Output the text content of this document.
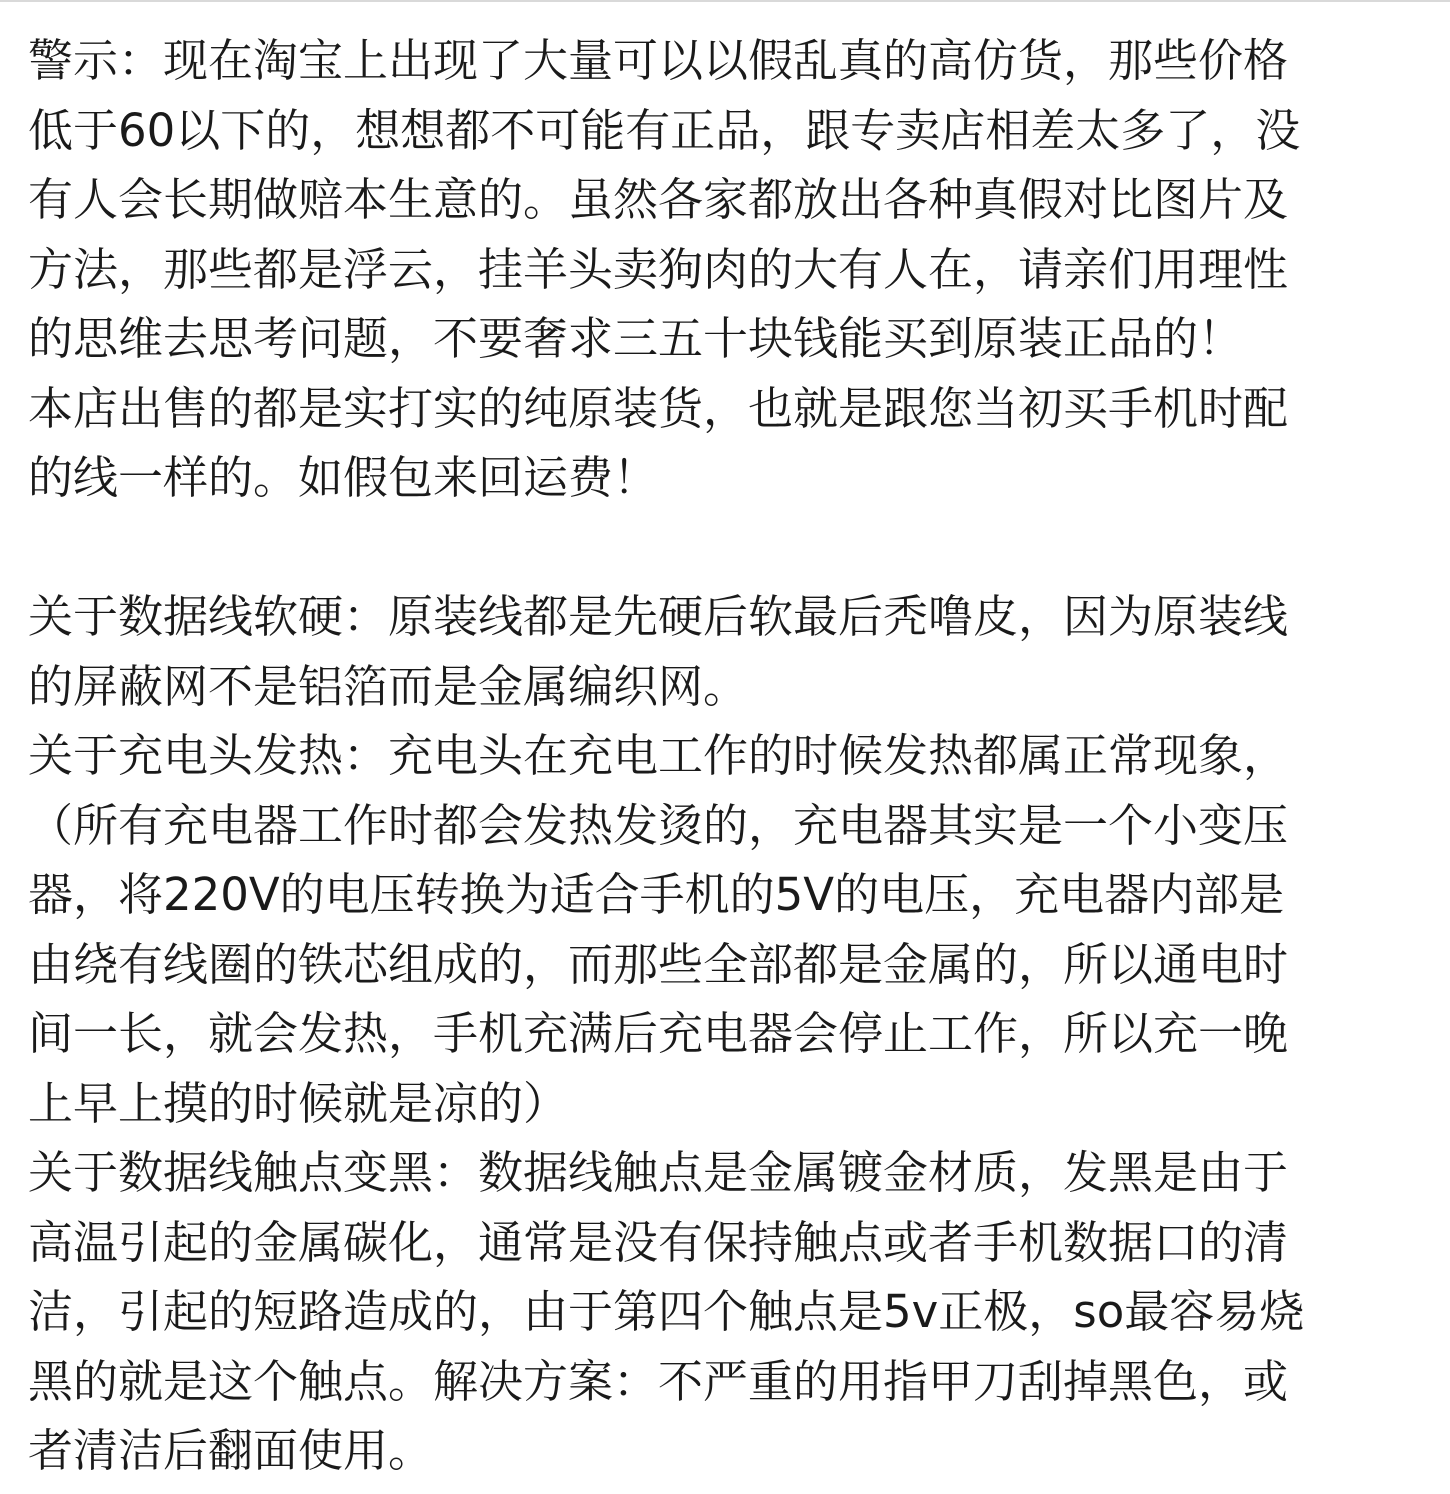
警示：现在淘宝上出现了大量可以以假乱真的高仿货，那些价格
低于60以下的，想想都不可能有正品，跟专卖店相差太多了，没
有人会长期做赔本生意的。虽然各家都放出各种真假对比图片及
方法，那些都是浮云，挂羊头卖狗肉的大有人在，请亲们用理性
的思维去思考问题，不要奢求三五十块钱能买到原装正品的！
本店出售的都是实打实的纯原装货，也就是跟您当初买手机时配
的线一样的。如假包来回运费！
关于数据线软硬：原装线都是先硬后软最后秃噜皮，因为原装线
的屏蔽网不是铝箔而是金属编织网。
关于充电头发热：充电头在充电工作的时候发热都属正常现象，
（所有充电器工作时都会发热发烫的，充电器其实是一个小变压
器，将220V的电压转换为适合手机的5V的电压，充电器内部是
由绕有线圈的铁芯组成的，而那些全部都是金属的，所以通电时
间一长，就会发热，手机充满后充电器会停止工作，所以充一晚
上早上摸的时候就是凉的）
关于数据线触点变黑：数据线触点是金属镀金材质，发黑是由于
高温引起的金属碳化，通常是没有保持触点或者手机数据口的清
洁，引起的短路造成的，由于第四个触点是5v正极，so最容易烧
黑的就是这个触点。解决方案：不严重的用指甲刀刮掉黑色，或
者清洁后翻面使用。
